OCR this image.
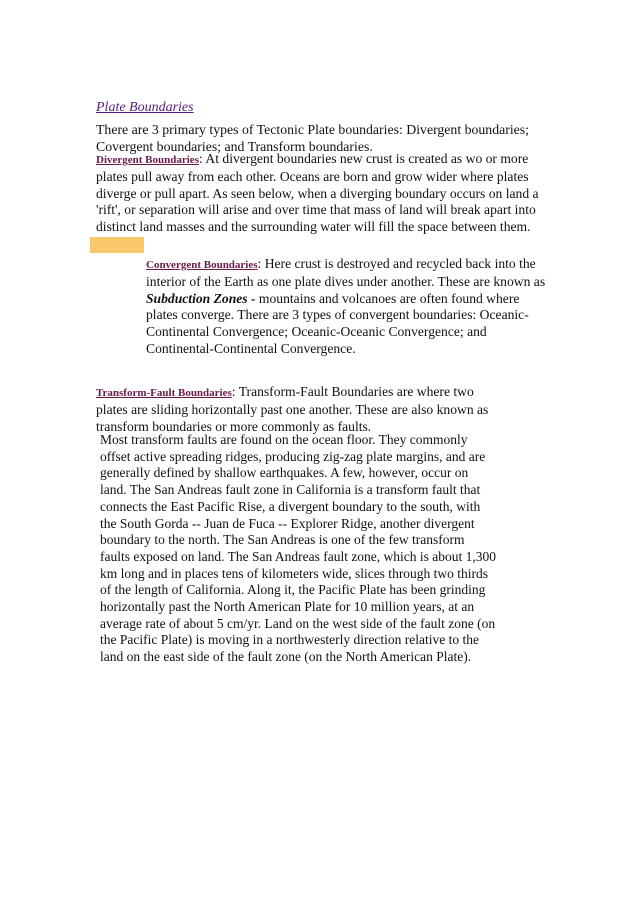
Plate Boundaries
There are 3 primary types of Tectonic Plate boundaries: Divergent boundaries;
Covergent boundaries; and Transform boundaries.
Divergent Boundaries: At divergent boundaries new crust is created as wo or more
plates pull away from each other. Oceans are born and grow wider where plates
diverge or pull apart. As seen below, when a diverging boundary occurs on land a
'rift', or separation will arise and over time that mass of land will break apart into
distinct land masses and the surrounding water will fill the space between them.
Convergent Boundaries: Here crust is destroyed and recycled back into the
interior of the Earth as one plate dives under another. These are known as
Subduction Zones - mountains and volcanoes are often found where
plates converge. There are 3 types of convergent boundaries: Oceanic-
Continental Convergence; Oceanic-Oceanic Convergence; and
Continental-Continental Convergence.
Transform-Fault Boundaries: Transform-Fault Boundaries are where two
plates are sliding horizontally past one another. These are also known as
transform boundaries or more commonly as faults.
Most transform faults are found on the ocean floor. They commonly
offset active spreading ridges, producing zig-zag plate margins, and are
generally defined by shallow earthquakes. A few, however, occur on
land. The San Andreas fault zone in California is a transform fault that
connects the East Pacific Rise, a divergent boundary to the south, with
the South Gorda -- Juan de Fuca -- Explorer Ridge, another divergent
boundary to the north. The San Andreas is one of the few transform
faults exposed on land. The San Andreas fault zone, which is about 1,300
km long and in places tens of kilometers wide, slices through two thirds
of the length of California. Along it, the Pacific Plate has been grinding
horizontally past the North American Plate for 10 million years, at an
average rate of about 5 cm/yr. Land on the west side of the fault zone (on
the Pacific Plate) is moving in a northwesterly direction relative to the
land on the east side of the fault zone (on the North American Plate).
